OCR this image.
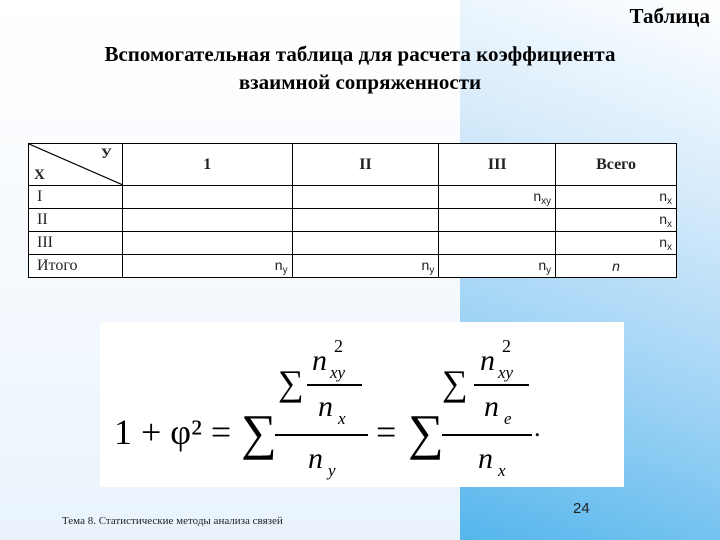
Таблица
Вспомогательная таблица для расчета коэффициента
взаимной сопряженности
У
Х	1	II	III	Всего
I			$n_{xy}$	$n_x$
II				$n_x$
III				$n_x$
Итого	$n_y$	$n_y$	$n_y$	n
1 + φ² = ∑
∑
n 2
xy
n x
n y
= ∑
∑
n 2
xy
n e
n x
.
24
Тема 8. Статистические методы анализа связей
